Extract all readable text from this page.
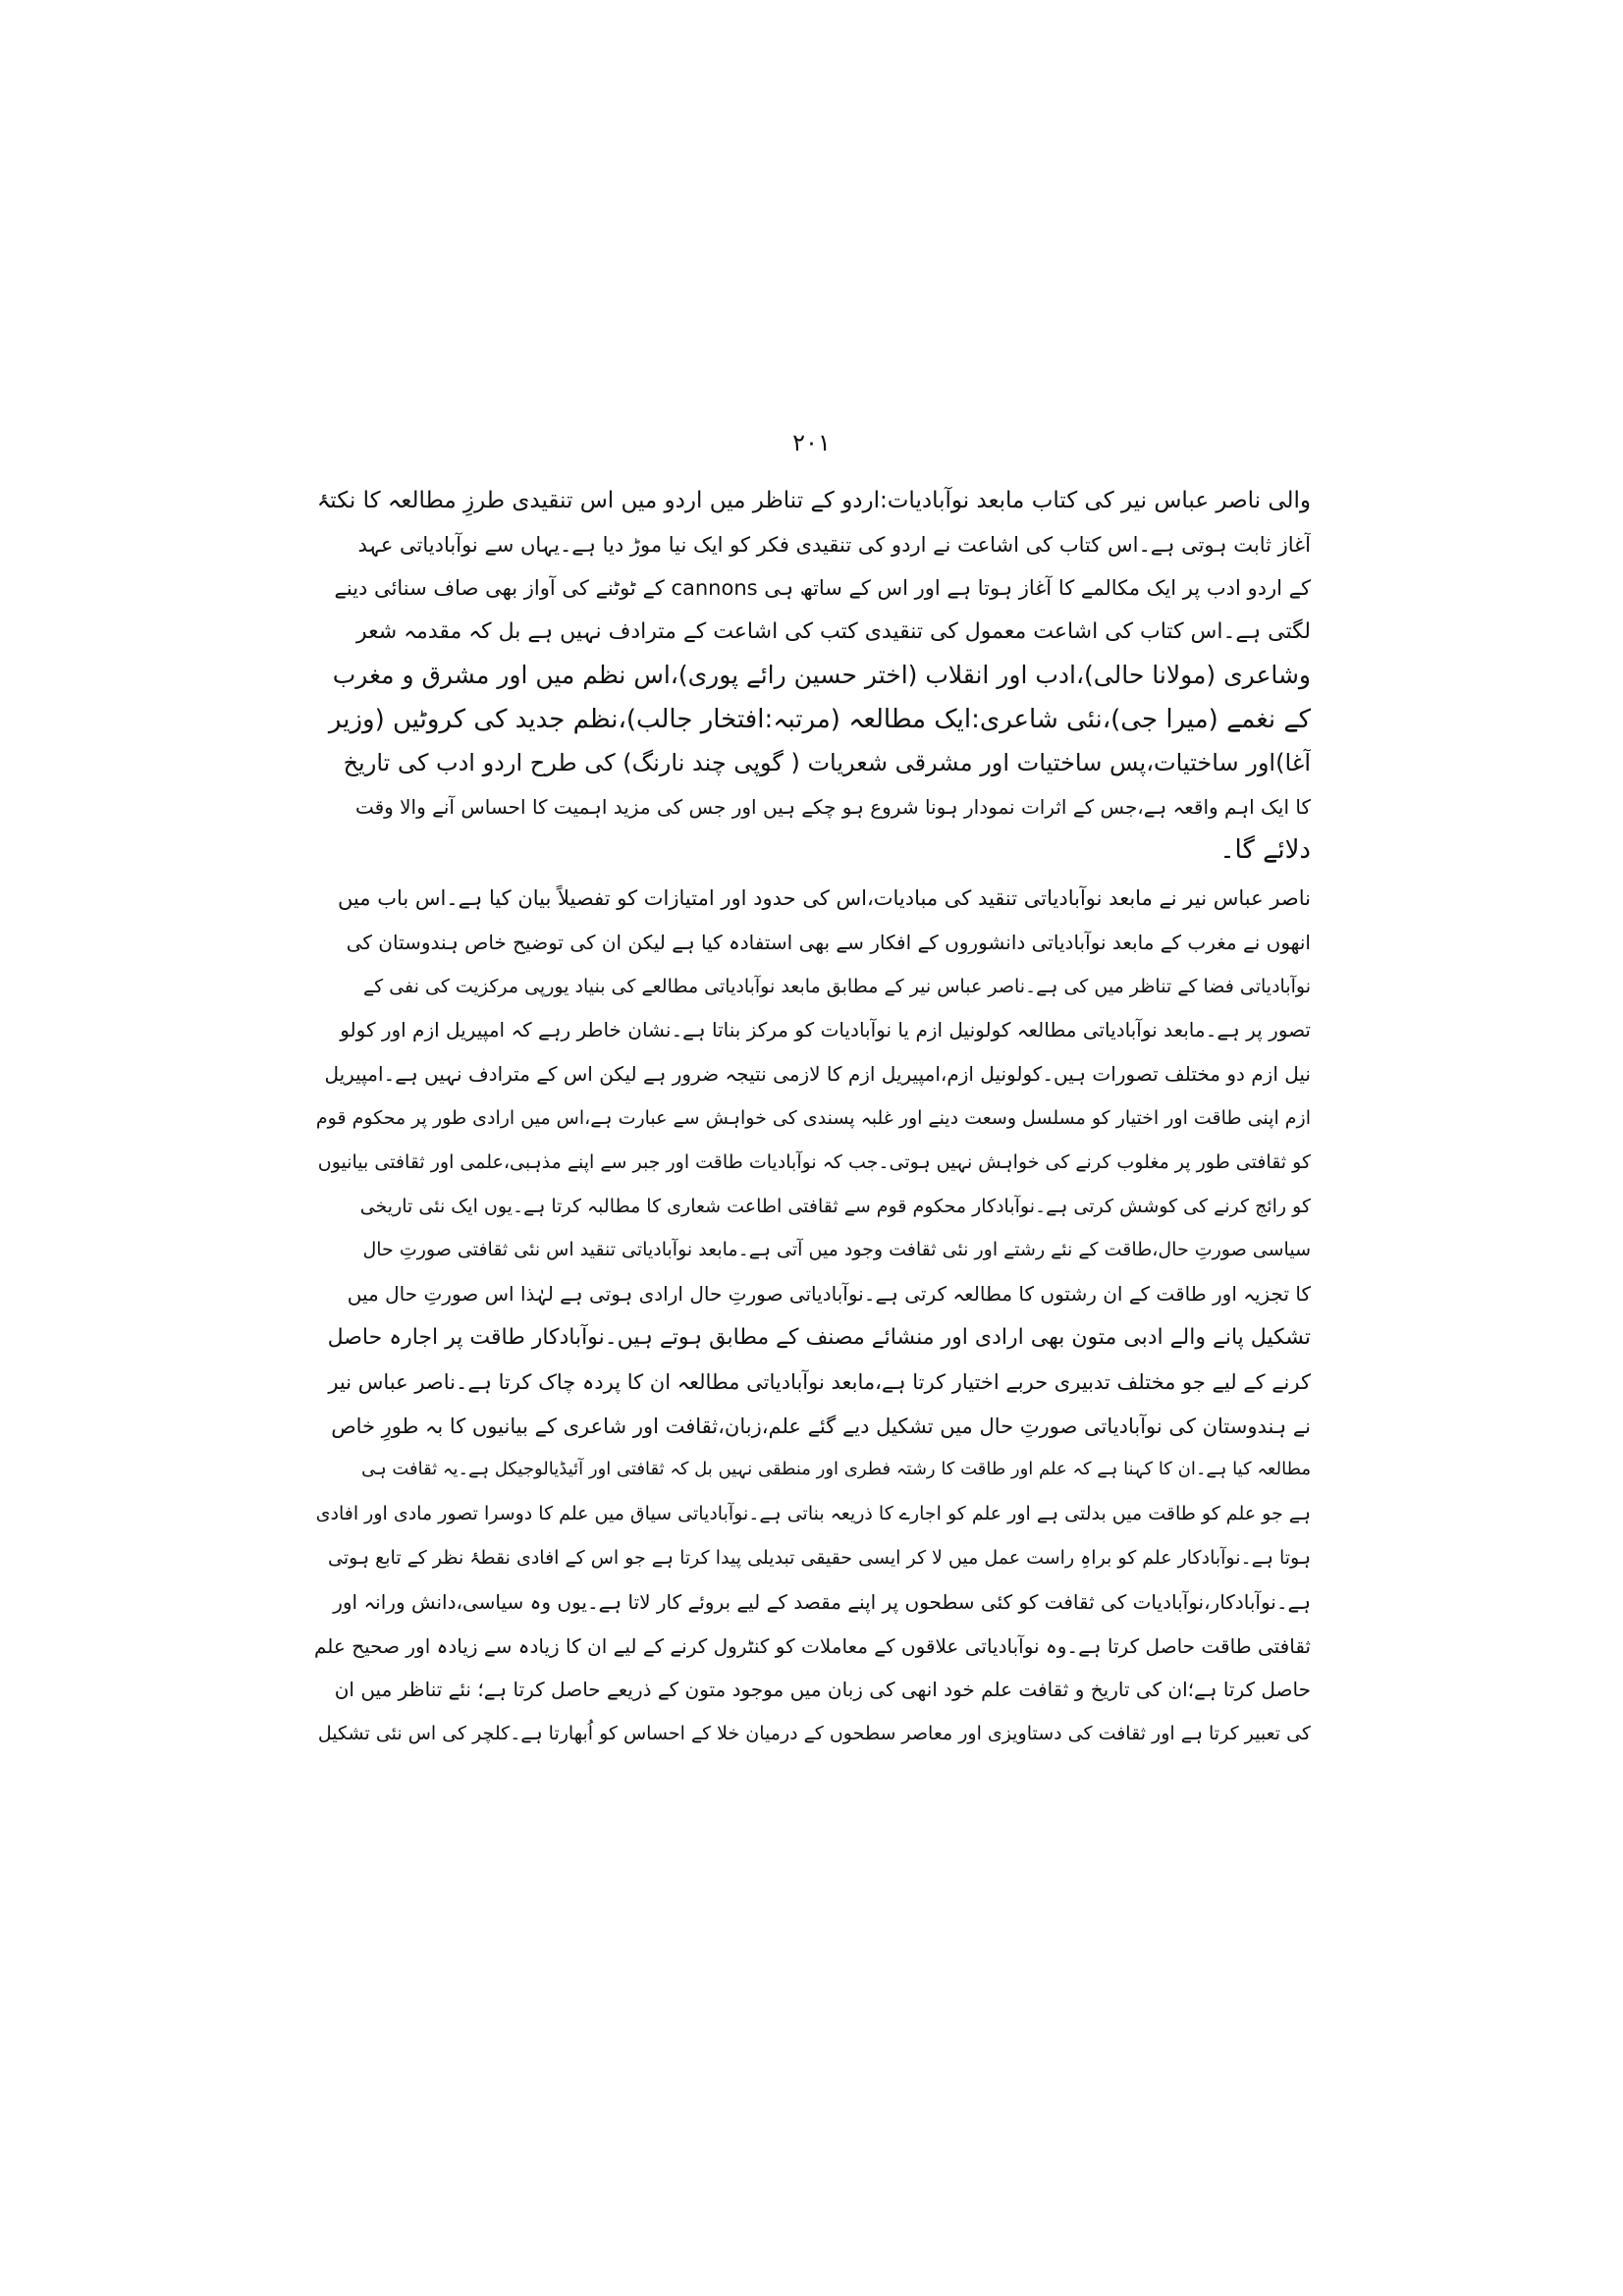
۲۰۱
والی ناصر عباس نیر کی کتاب مابعد نوآبادیات:اردو کے تناظر میں اردو میں اس تنقیدی طرزِ مطالعہ کا نکتۂ
آغاز ثابت ہوتی ہے۔اس کتاب کی اشاعت نے اردو کی تنقیدی فکر کو ایک نیا موڑ دیا ہے۔یہاں سے نوآبادیاتی عہد
کے اردو ادب پر ایک مکالمے کا آغاز ہوتا ہے اور اس کے ساتھ ہی cannons کے ٹوٹنے کی آواز بھی صاف سنائی دینے
لگتی ہے۔اس کتاب کی اشاعت معمول کی تنقیدی کتب کی اشاعت کے مترادف نہیں ہے بل کہ مقدمہ شعر
وشاعری (مولانا حالی)،ادب اور انقلاب (اختر حسین رائے پوری)،اس نظم میں اور مشرق و مغرب
کے نغمے (میرا جی)،نئی شاعری:ایک مطالعہ (مرتبہ:افتخار جالب)،نظم جدید کی کروٹیں (وزیر
آغا)اور ساختیات،پس ساختیات اور مشرقی شعریات ( گوپی چند نارنگ) کی طرح اردو ادب کی تاریخ
کا ایک اہم واقعہ ہے،جس کے اثرات نمودار ہونا شروع ہو چکے ہیں اور جس کی مزید اہمیت کا احساس آنے والا وقت
دلائے گا۔
ناصر عباس نیر نے مابعد نوآبادیاتی تنقید کی مبادیات،اس کی حدود اور امتیازات کو تفصیلاً بیان کیا ہے۔اس باب میں
انھوں نے مغرب کے مابعد نوآبادیاتی دانشوروں کے افکار سے بھی استفادہ کیا ہے لیکن ان کی توضیح خاص ہندوستان کی
نوآبادیاتی فضا کے تناظر میں کی ہے۔ناصر عباس نیر کے مطابق مابعد نوآبادیاتی مطالعے کی بنیاد یورپی مرکزیت کی نفی کے
تصور پر ہے۔مابعد نوآبادیاتی مطالعہ کولونیل ازم یا نوآبادیات کو مرکز بناتا ہے۔نشان خاطر رہے کہ امپیریل ازم اور کولو
نیل ازم دو مختلف تصورات ہیں۔کولونیل ازم،امپیریل ازم کا لازمی نتیجہ ضرور ہے لیکن اس کے مترادف نہیں ہے۔امپیریل
ازم اپنی طاقت اور اختیار کو مسلسل وسعت دینے اور غلبہ پسندی کی خواہش سے عبارت ہے،اس میں ارادی طور پر محکوم قوم
کو ثقافتی طور پر مغلوب کرنے کی خواہش نہیں ہوتی۔جب کہ نوآبادیات طاقت اور جبر سے اپنے مذہبی،علمی اور ثقافتی بیانیوں
کو رائج کرنے کی کوشش کرتی ہے۔نوآبادکار محکوم قوم سے ثقافتی اطاعت شعاری کا مطالبہ کرتا ہے۔یوں ایک نئی تاریخی
سیاسی صورتِ حال،طاقت کے نئے رشتے اور نئی ثقافت وجود میں آتی ہے۔مابعد نوآبادیاتی تنقید اس نئی ثقافتی صورتِ حال
کا تجزیہ اور طاقت کے ان رشتوں کا مطالعہ کرتی ہے۔نوآبادیاتی صورتِ حال ارادی ہوتی ہے لہٰذا اس صورتِ حال میں
تشکیل پانے والے ادبی متون بھی ارادی اور منشائے مصنف کے مطابق ہوتے ہیں۔نوآبادکار طاقت پر اجارہ حاصل
کرنے کے لیے جو مختلف تدبیری حربے اختیار کرتا ہے،مابعد نوآبادیاتی مطالعہ ان کا پردہ چاک کرتا ہے۔ناصر عباس نیر
نے ہندوستان کی نوآبادیاتی صورتِ حال میں تشکیل دیے گئے علم،زبان،ثقافت اور شاعری کے بیانیوں کا بہ طورِ خاص
مطالعہ کیا ہے۔ان کا کہنا ہے کہ علم اور طاقت کا رشتہ فطری اور منطقی نہیں بل کہ ثقافتی اور آئیڈیالوجیکل ہے۔یہ ثقافت ہی
ہے جو علم کو طاقت میں بدلتی ہے اور علم کو اجارے کا ذریعہ بناتی ہے۔نوآبادیاتی سیاق میں علم کا دوسرا تصور مادی اور افادی
ہوتا ہے۔نوآبادکار علم کو براہِ راست عمل میں لا کر ایسی حقیقی تبدیلی پیدا کرتا ہے جو اس کے افادی نقطۂ نظر کے تابع ہوتی
ہے۔نوآبادکار،نوآبادیات کی ثقافت کو کئی سطحوں پر اپنے مقصد کے لیے بروئے کار لاتا ہے۔یوں وہ سیاسی،دانش ورانہ اور
ثقافتی طاقت حاصل کرتا ہے۔وہ نوآبادیاتی علاقوں کے معاملات کو کنٹرول کرنے کے لیے ان کا زیادہ سے زیادہ اور صحیح علم
حاصل کرتا ہے؛ان کی تاریخ و ثقافت علم خود انھی کی زبان میں موجود متون کے ذریعے حاصل کرتا ہے؛ نئے تناظر میں ان
کی تعبیر کرتا ہے اور ثقافت کی دستاویزی اور معاصر سطحوں کے درمیان خلا کے احساس کو اُبھارتا ہے۔کلچر کی اس نئی تشکیل
